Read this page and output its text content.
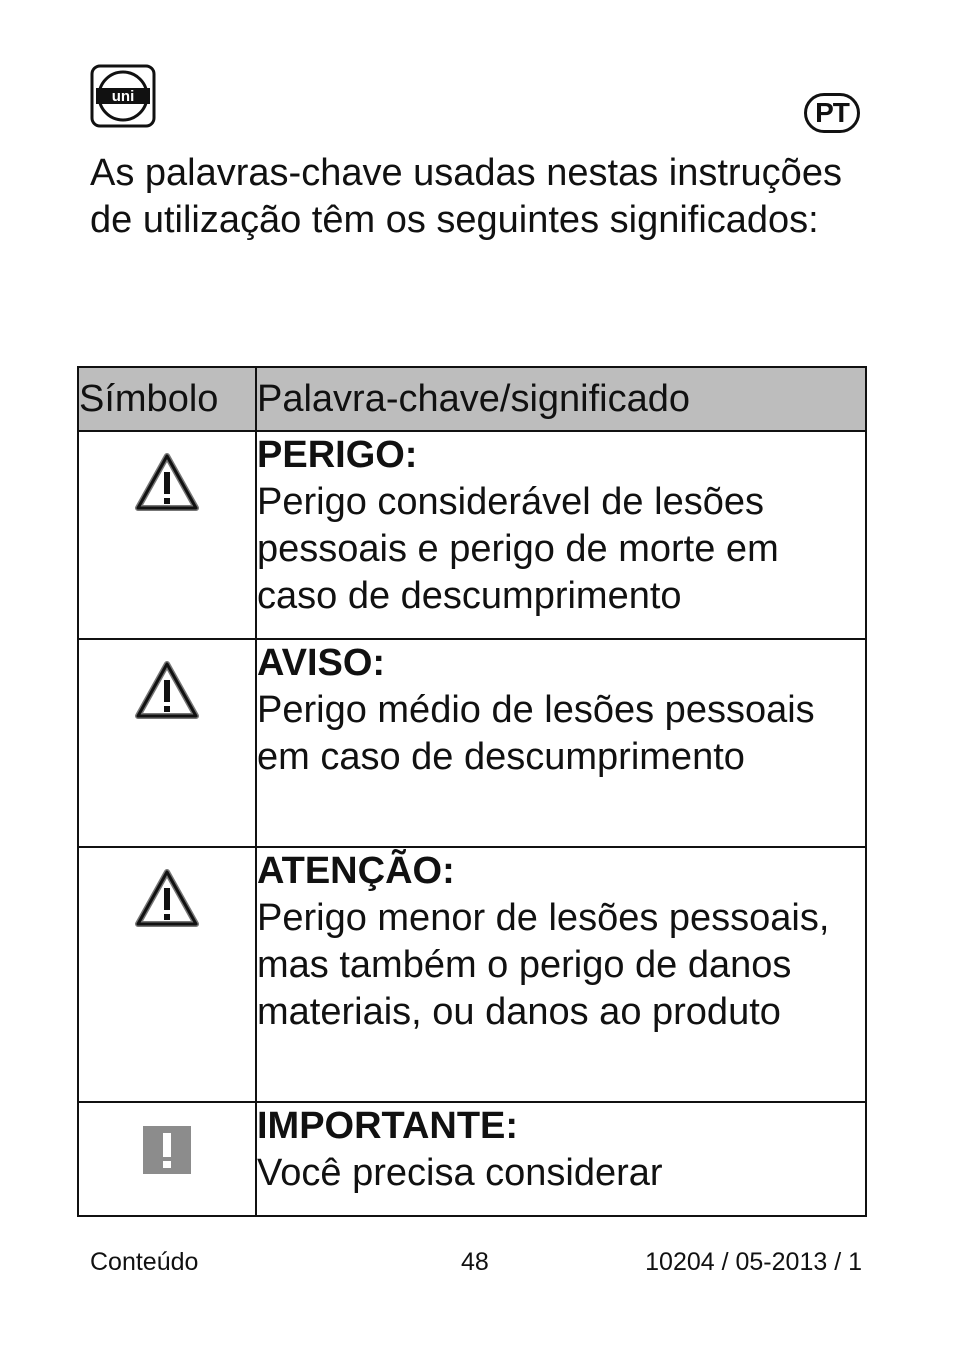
uni
PT

As palavras-chave usadas nestas instruções de utilização têm os seguintes significados:

Símbolo	Palavra-chave/significado

PERIGO:
Perigo considerável de lesões pessoais e perigo de morte em caso de descumprimento

AVISO:
Perigo médio de lesões pessoais em caso de descumprimento

ATENÇÃO:
Perigo menor de lesões pessoais, mas também o perigo de danos materiais, ou danos ao produto

IMPORTANTE:
Você precisa considerar
Conteúdo	48	10204 / 05-2013 / 1
